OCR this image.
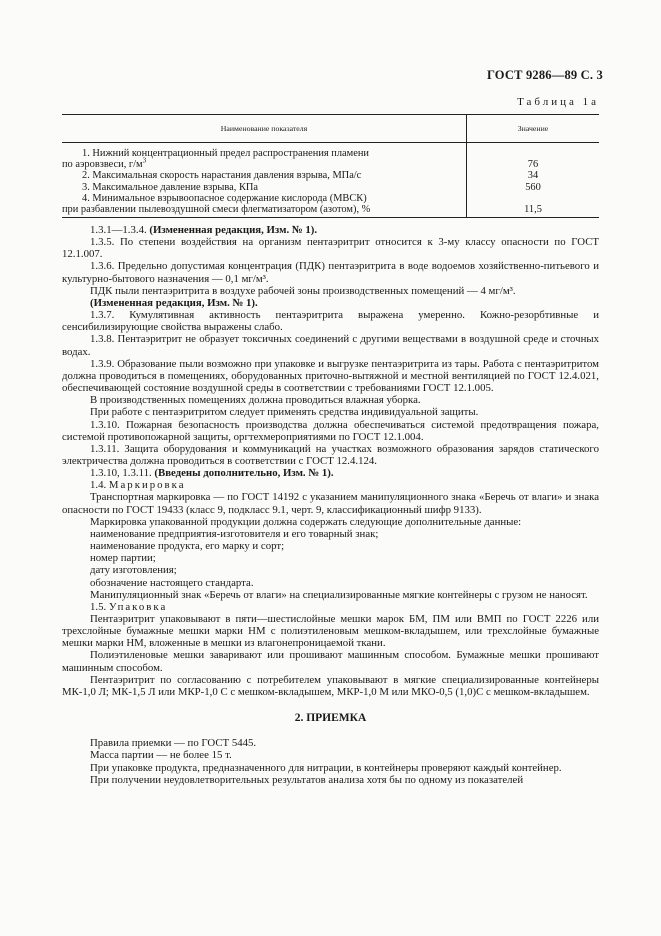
ГОСТ 9286—89 С. 3
Таблица 1а
Наименование показателя	Значение

1. Нижний концентрационный предел распространения пламени
по аэровзвеси, $г/м^3$	76

2. Максимальная скорость нарастания давления взрыва, МПа/с	34

3. Максимальное давление взрыва, КПа	560

4. Минимальное взрывоопасное содержание кислорода (МВСК)
при разбавлении пылевоздушной смеси флегматизатором (азотом), %	11,5

1.3.1—1.3.4. (Измененная редакция, Изм. № 1).

1.3.5. По степени воздействия на организм пентаэритрит относится к 3-му классу опасности по ГОСТ 12.1.007.

1.3.6. Предельно допустимая концентрация (ПДК) пентаэритрита в воде водоемов хозяйственно-питьевого и культурно-бытового назначения — 0,1 мг/м³.

ПДК пыли пентаэритрита в воздухе рабочей зоны производственных помещений — 4 мг/м³.

(Измененная редакция, Изм. № 1).

1.3.7. Кумулятивная активность пентаэритрита выражена умеренно. Кожно-резорбтивные и сенсибилизирующие свойства выражены слабо.

1.3.8. Пентаэритрит не образует токсичных соединений с другими веществами в воздушной среде и сточных водах.

1.3.9. Образование пыли возможно при упаковке и выгрузке пентаэритрита из тары. Работа с пентаэритритом должна проводиться в помещениях, оборудованных приточно-вытяжной и местной вентиляцией по ГОСТ 12.4.021, обеспечивающей состояние воздушной среды в соответствии с требованиями ГОСТ 12.1.005.

В производственных помещениях должна проводиться влажная уборка.

При работе с пентаэритритом следует применять средства индивидуальной защиты.

1.3.10. Пожарная безопасность производства должна обеспечиваться системой предотвращения пожара, системой противопожарной защиты, оргтехмероприятиями по ГОСТ 12.1.004.

1.3.11. Защита оборудования и коммуникаций на участках возможного образования зарядов статического электричества должна проводиться в соответствии с ГОСТ 12.4.124.

1.3.10, 1.3.11. (Введены дополнительно, Изм. № 1).

1.4. Маркировка

Транспортная маркировка — по ГОСТ 14192 с указанием манипуляционного знака «Беречь от влаги» и знака опасности по ГОСТ 19433 (класс 9, подкласс 9.1, черт. 9, классификационный шифр 9133).

Маркировка упакованной продукции должна содержать следующие дополнительные данные:

наименование предприятия-изготовителя и его товарный знак;

наименование продукта, его марку и сорт;

номер партии;

дату изготовления;

обозначение настоящего стандарта.

Манипуляционный знак «Беречь от влаги» на специализированные мягкие контейнеры с грузом не наносят.

1.5. Упаковка

Пентаэритрит упаковывают в пяти—шестислойные мешки марок БМ, ПМ или ВМП по ГОСТ 2226 или трехслойные бумажные мешки марки НМ с полиэтиленовым мешком-вкладышем, или трехслойные бумажные мешки марки НМ, вложенные в мешки из влагонепроницаемой ткани.

Полиэтиленовые мешки заваривают или прошивают машинным способом. Бумажные мешки прошивают машинным способом.

Пентаэритрит по согласованию с потребителем упаковывают в мягкие специализированные контейнеры МК-1,0 Л; МК-1,5 Л или МКР-1,0 С с мешком-вкладышем, МКР-1,0 М или МКО-0,5 (1,0)С с мешком-вкладышем.

2. ПРИЕМКА

Правила приемки — по ГОСТ 5445.

Масса партии — не более 15 т.

При упаковке продукта, предназначенного для нитрации, в контейнеры проверяют каждый контейнер.

При получении неудовлетворительных результатов анализа хотя бы по одному из показателей
